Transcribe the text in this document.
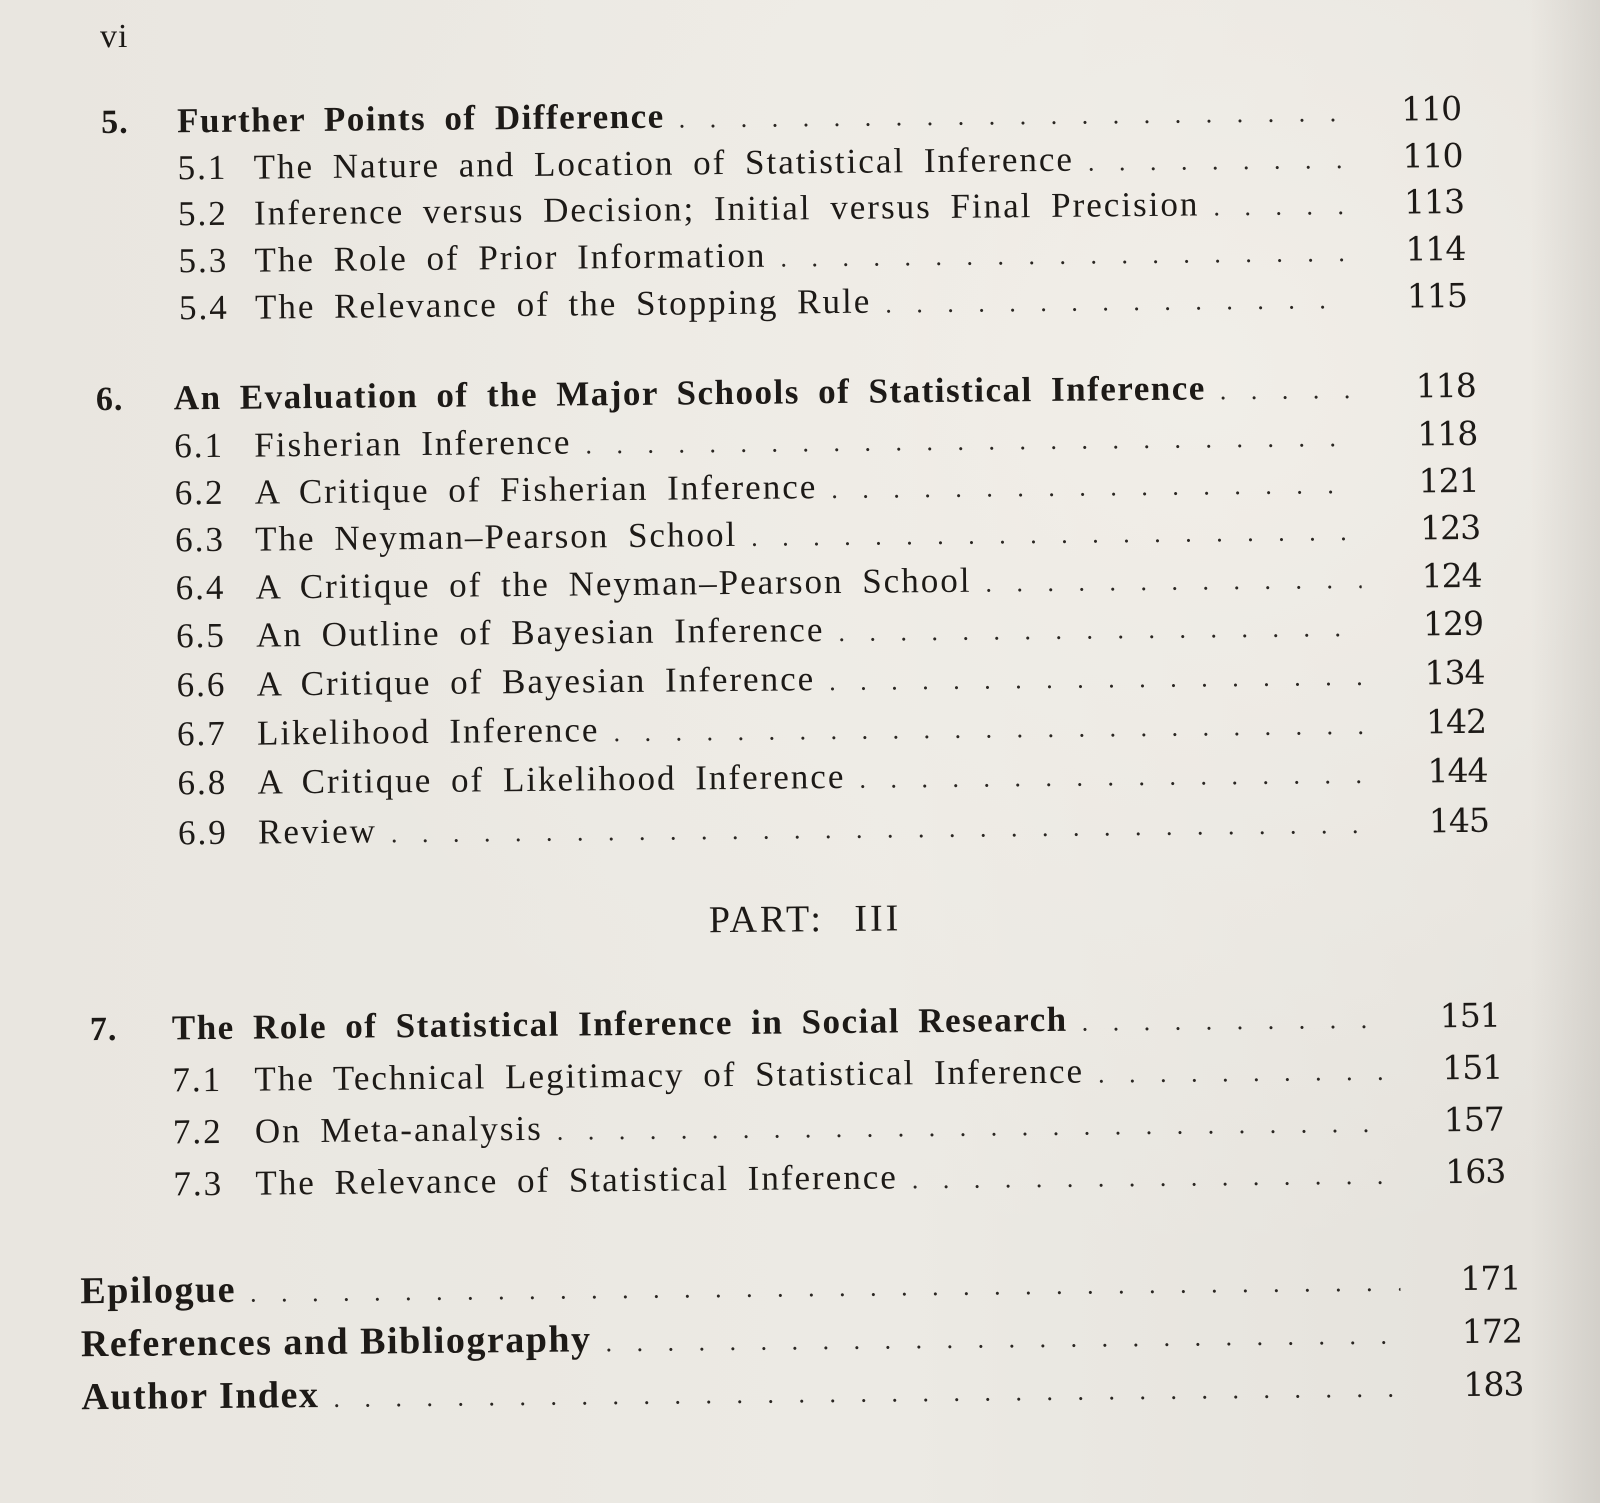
vi
5.	Further Points of Difference . . .	110
5.1 The Nature and Location of Statistical Inference . . .	110
5.2 Inference versus Decision; Initial versus Final Precision . . .	113
5.3 The Role of Prior Information . . .	114
5.4 The Relevance of the Stopping Rule . . .	115
6.	An Evaluation of the Major Schools of Statistical Inference . . .	118
6.1 Fisherian Inference . . .	118
6.2 A Critique of Fisherian Inference . . .	121
6.3 The Neyman–Pearson School . . .	123
6.4 A Critique of the Neyman–Pearson School . . .	124
6.5 An Outline of Bayesian Inference . . .	129
6.6 A Critique of Bayesian Inference . . .	134
6.7 Likelihood Inference . . .	142
6.8 A Critique of Likelihood Inference . . .	144
6.9 Review . . .	145
PART: III
7.	The Role of Statistical Inference in Social Research . . .	151
7.1 The Technical Legitimacy of Statistical Inference . . .	151
7.2 On Meta-analysis . . .	157
7.3 The Relevance of Statistical Inference . . .	163
Epilogue . . .	171
References and Bibliography . . .	172
Author Index . . .	183
